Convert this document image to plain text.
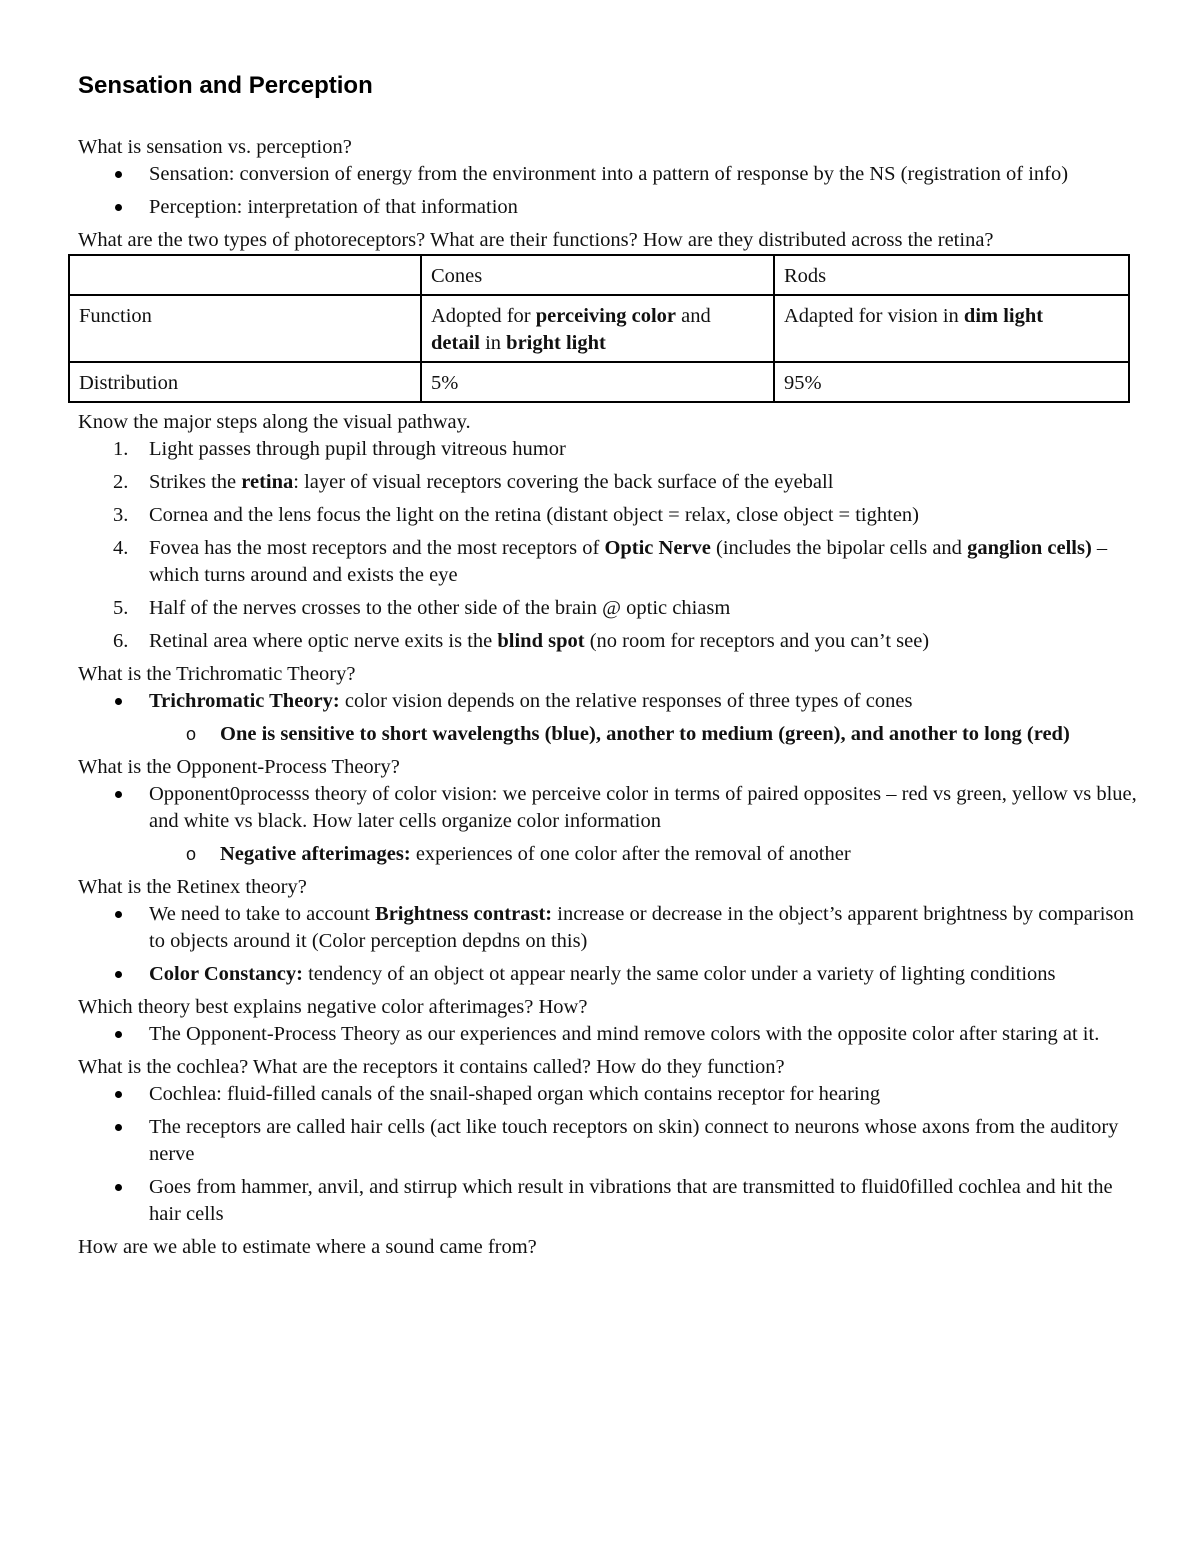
Sensation and Perception

What is sensation vs. perception?

Sensation: conversion of energy from the environment into a pattern of response by the NS (registration of info)
Perception: interpretation of that information

What are the two types of photoreceptors? What are their functions? How are they distributed across the retina?

	Cones	Rods
Function	Adopted for perceiving color and detail in bright light	Adapted for vision in dim light
Distribution	5%	95%

Know the major steps along the visual pathway.

1. Light passes through pupil through vitreous humor
2. Strikes the retina: layer of visual receptors covering the back surface of the eyeball
3. Cornea and the lens focus the light on the retina (distant object = relax, close object = tighten)
4. Fovea has the most receptors and the most receptors of Optic Nerve (includes the bipolar cells and ganglion cells) – which turns around and exists the eye
5. Half of the nerves crosses to the other side of the brain @ optic chiasm
6. Retinal area where optic nerve exits is the blind spot (no room for receptors and you can’t see)

What is the Trichromatic Theory?

Trichromatic Theory: color vision depends on the relative responses of three types of cones
o One is sensitive to short wavelengths (blue), another to medium (green), and another to long (red)

What is the Opponent-Process Theory?

Opponent0processs theory of color vision: we perceive color in terms of paired opposites – red vs green, yellow vs blue, and white vs black. How later cells organize color information
o Negative afterimages: experiences of one color after the removal of another

What is the Retinex theory?

We need to take to account Brightness contrast: increase or decrease in the object’s apparent brightness by comparison to objects around it (Color perception depdns on this)
Color Constancy: tendency of an object ot appear nearly the same color under a variety of lighting conditions

Which theory best explains negative color afterimages? How?

The Opponent-Process Theory as our experiences and mind remove colors with the opposite color after staring at it.

What is the cochlea? What are the receptors it contains called? How do they function?

Cochlea: fluid-filled canals of the snail-shaped organ which contains receptor for hearing
The receptors are called hair cells (act like touch receptors on skin) connect to neurons whose axons from the auditory nerve
Goes from hammer, anvil, and stirrup which result in vibrations that are transmitted to fluid0filled cochlea and hit the hair cells

How are we able to estimate where a sound came from?
